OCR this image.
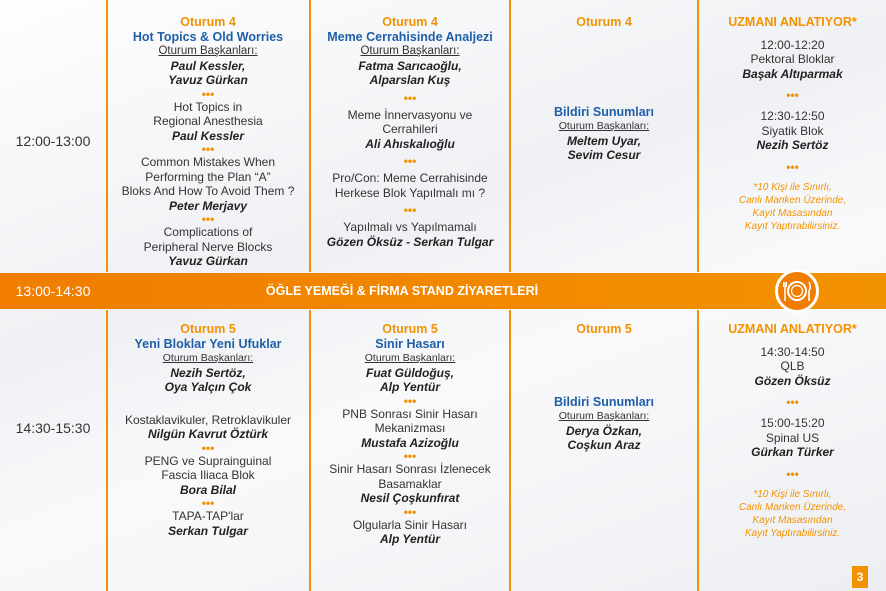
12:00-13:00
Oturum 4
Hot Topics & Old Worries
Oturum Başkanları:
Paul Kessler,
Yavuz Gürkan
•••
Hot Topics in
Regional Anesthesia
Paul Kessler
•••
Common Mistakes When
Performing the Plan “A”
Bloks And How To Avoid Them ?
Peter Merjavy
•••
Complications of
Peripheral Nerve Blocks
Yavuz Gürkan
Oturum 4
Meme Cerrahisinde Analjezi
Oturum Başkanları:
Fatma Sarıcaoğlu,
Alparslan Kuş
•••
Meme İnnervasyonu ve
Cerrahileri
Ali Ahıskalıoğlu
•••
Pro/Con: Meme Cerrahisinde
Herkese Blok Yapılmalı mı ?
•••
Yapılmalı vs Yapılmamalı
Gözen Öksüz - Serkan Tulgar
Oturum 4
Bildiri Sunumları
Oturum Başkanları:
Meltem Uyar,
Sevim Cesur
UZMANI ANLATIYOR*
12:00-12:20
Pektoral Bloklar
Başak Altıparmak
•••
12:30-12:50
Siyatik Blok
Nezih Sertöz
•••
*10 Kişi ile Sınırlı,
Canlı Manken Üzerinde,
Kayıt Masasından
Kayıt Yaptırabilirsiniz.
13:00-14:30	ÖĞLE YEMEĞİ & FİRMA STAND ZİYARETLERİ
14:30-15:30
Oturum 5
Yeni Bloklar Yeni Ufuklar
Oturum Başkanları:
Nezih Sertöz,
Oya Yalçın Çok
Kostaklavikuler, Retroklavikuler
Nilgün Kavrut Öztürk
•••
PENG ve Suprainguinal
Fascia Iliaca Blok
Bora Bilal
•••
TAPA-TAP'lar
Serkan Tulgar
Oturum 5
Sinir Hasarı
Oturum Başkanları:
Fuat Güldoğuş,
Alp Yentür
•••
PNB Sonrası Sinir Hasarı
Mekanizması
Mustafa Azizoğlu
•••
Sinir Hasarı Sonrası İzlenecek
Basamaklar
Nesil Çoşkunfırat
•••
Olgularla Sinir Hasarı
Alp Yentür
Oturum 5
Bildiri Sunumları
Oturum Başkanları:
Derya Özkan,
Coşkun Araz
UZMANI ANLATIYOR*
14:30-14:50
QLB
Gözen Öksüz
•••
15:00-15:20
Spinal US
Gürkan Türker
•••
*10 Kişi ile Sınırlı,
Canlı Manken Üzerinde,
Kayıt Masasından
Kayıt Yaptırabilirsiniz.
3
